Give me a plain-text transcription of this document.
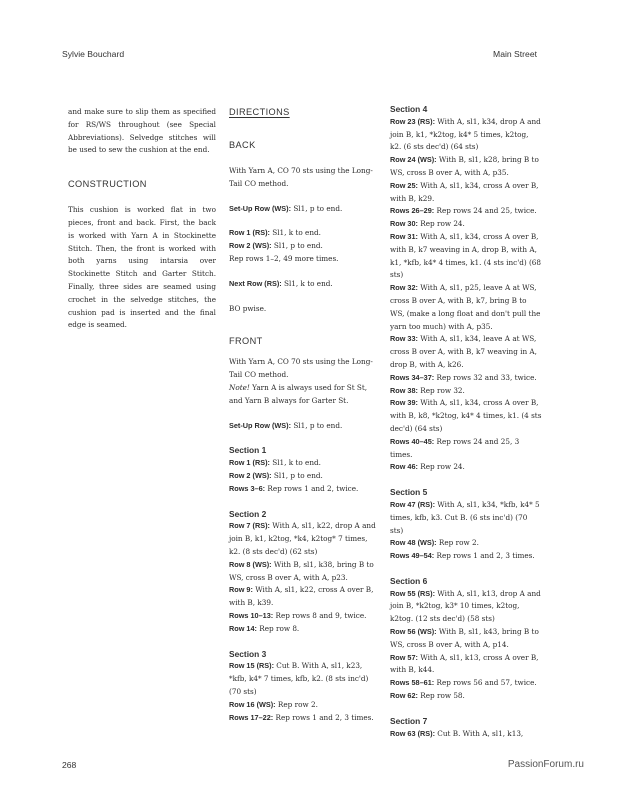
Sylvie Bouchard	Main Street

and make sure to slip them as specified for RS/WS throughout (see Special Abbreviations). Selvedge stitches will be used to sew the cushion at the end.

CONSTRUCTION

This cushion is worked flat in two pieces, front and back. First, the back is worked with Yarn A in Stockinette Stitch. Then, the front is worked with both yarns using intarsia over Stockinette Stitch and Garter Stitch. Finally, three sides are seamed using crochet in the selvedge stitches, the cushion pad is inserted and the final edge is seamed.

DIRECTIONS

BACK

With Yarn A, CO 70 sts using the Long-Tail CO method.

Set-Up Row (WS): Sl1, p to end.

Row 1 (RS): Sl1, k to end.

Row 2 (WS): Sl1, p to end.

Rep rows 1–2, 49 more times.

Next Row (RS): Sl1, k to end.

BO pwise.

FRONT

With Yarn A, CO 70 sts using the Long-Tail CO method.

Note! Yarn A is always used for St St, and Yarn B always for Garter St.

Set-Up Row (WS): Sl1, p to end.

Section 1

Row 1 (RS): Sl1, k to end.

Row 2 (WS): Sl1, p to end.

Rows 3–6: Rep rows 1 and 2, twice.

Section 2

Row 7 (RS): With A, sl1, k22, drop A and join B, k1, k2tog, *k4, k2tog* 7 times, k2. (8 sts dec'd) (62 sts)

Row 8 (WS): With B, sl1, k38, bring B to WS, cross B over A, with A, p23.

Row 9: With A, sl1, k22, cross A over B, with B, k39.

Rows 10–13: Rep rows 8 and 9, twice.

Row 14: Rep row 8.

Section 3

Row 15 (RS): Cut B. With A, sl1, k23, *kfb, k4* 7 times, kfb, k2. (8 sts inc'd) (70 sts)

Row 16 (WS): Rep row 2.

Rows 17–22: Rep rows 1 and 2, 3 times.

Section 4

Row 23 (RS): With A, sl1, k34, drop A and join B, k1, *k2tog, k4* 5 times, k2tog, k2. (6 sts dec'd) (64 sts)

Row 24 (WS): With B, sl1, k28, bring B to WS, cross B over A, with A, p35.

Row 25: With A, sl1, k34, cross A over B, with B, k29.

Rows 26–29: Rep rows 24 and 25, twice.

Row 30: Rep row 24.

Row 31: With A, sl1, k34, cross A over B, with B, k7 weaving in A, drop B, with A, k1, *kfb, k4* 4 times, k1. (4 sts inc'd) (68 sts)

Row 32: With A, sl1, p25, leave A at WS, cross B over A, with B, k7, bring B to WS, (make a long float and don't pull the yarn too much) with A, p35.

Row 33: With A, sl1, k34, leave A at WS, cross B over A, with B, k7 weaving in A, drop B, with A, k26.

Rows 34–37: Rep rows 32 and 33, twice.

Row 38: Rep row 32.

Row 39: With A, sl1, k34, cross A over B, with B, k8, *k2tog, k4* 4 times, k1. (4 sts dec'd) (64 sts)

Rows 40–45: Rep rows 24 and 25, 3 times.

Row 46: Rep row 24.

Section 5

Row 47 (RS): With A, sl1, k34, *kfb, k4* 5 times, kfb, k3. Cut B. (6 sts inc'd) (70 sts)

Row 48 (WS): Rep row 2.

Rows 49–54: Rep rows 1 and 2, 3 times.

Section 6

Row 55 (RS): With A, sl1, k13, drop A and join B, *k2tog, k3* 10 times, k2tog, k2tog. (12 sts dec'd) (58 sts)

Row 56 (WS): With B, sl1, k43, bring B to WS, cross B over A, with A, p14.

Row 57: With A, sl1, k13, cross A over B, with B, k44.

Rows 58–61: Rep rows 56 and 57, twice.

Row 62: Rep row 58.

Section 7

Row 63 (RS): Cut B. With A, sl1, k13,

268	PassionForum.ru
